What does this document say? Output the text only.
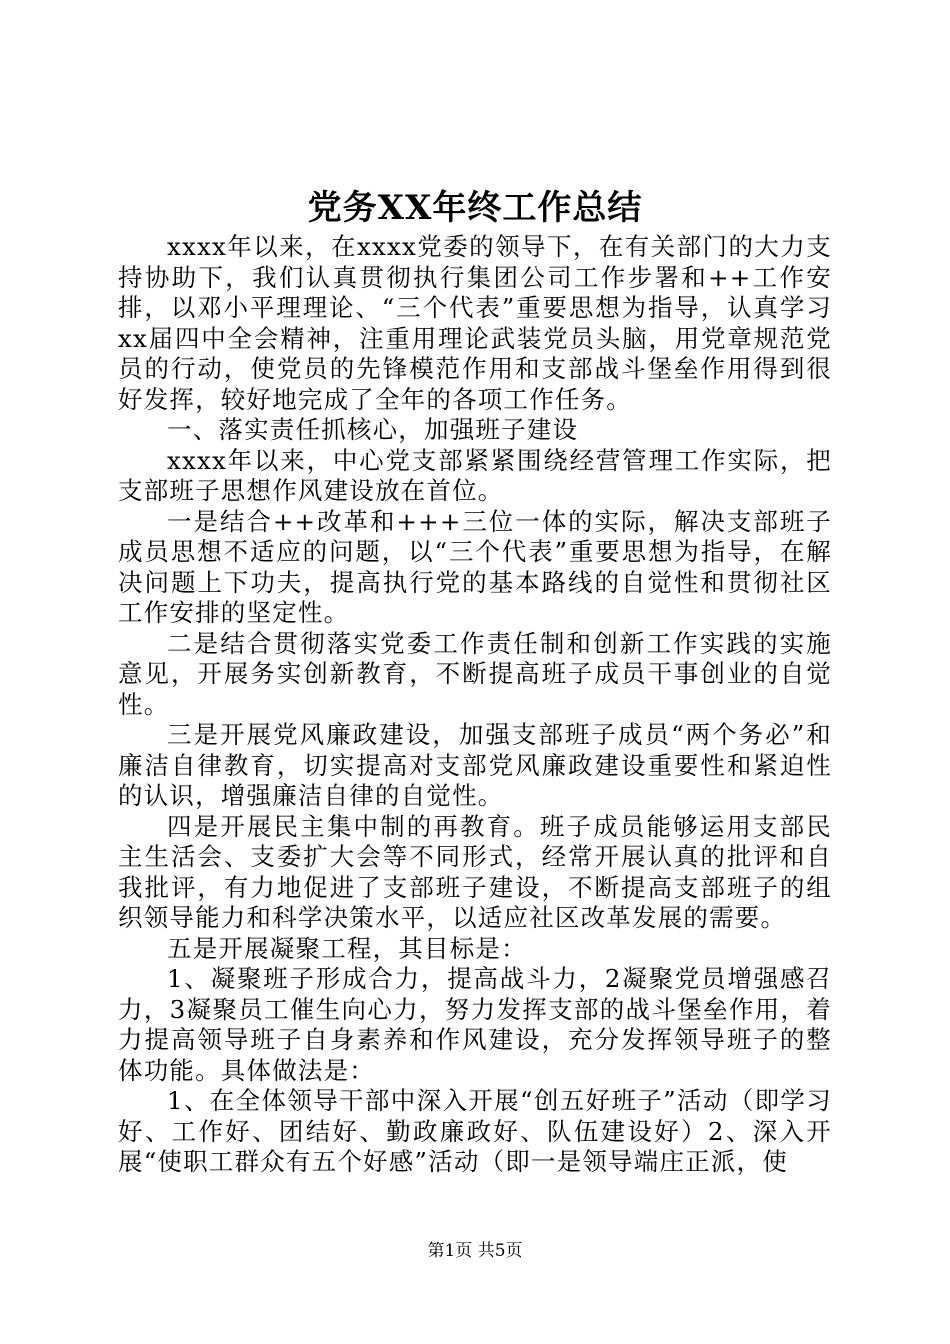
党务XX年终工作总结

xxxx年以来，在xxxx党委的领导下，在有关部门的大力支持协助下，我们认真贯彻执行集团公司工作步署和++工作安排，以邓小平理理论、“三个代表”重要思想为指导，认真学习xx届四中全会精神，注重用理论武装党员头脑，用党章规范党员的行动，使党员的先锋模范作用和支部战斗堡垒作用得到很好发挥，较好地完成了全年的各项工作任务。

一、落实责任抓核心，加强班子建设

xxxx年以来，中心党支部紧紧围绕经营管理工作实际，把支部班子思想作风建设放在首位。

一是结合++改革和+++三位一体的实际，解决支部班子成员思想不适应的问题，以“三个代表”重要思想为指导，在解决问题上下功夫，提高执行党的基本路线的自觉性和贯彻社区工作安排的坚定性。

二是结合贯彻落实党委工作责任制和创新工作实践的实施意见，开展务实创新教育，不断提高班子成员干事创业的自觉性。

三是开展党风廉政建设，加强支部班子成员“两个务必”和廉洁自律教育，切实提高对支部党风廉政建设重要性和紧迫性的认识，增强廉洁自律的自觉性。

四是开展民主集中制的再教育。班子成员能够运用支部民主生活会、支委扩大会等不同形式，经常开展认真的批评和自我批评，有力地促进了支部班子建设，不断提高支部班子的组织领导能力和科学决策水平，以适应社区改革发展的需要。

五是开展凝聚工程，其目标是：

1、凝聚班子形成合力，提高战斗力，2凝聚党员增强感召力，3凝聚员工催生向心力，努力发挥支部的战斗堡垒作用，着力提高领导班子自身素养和作风建设，充分发挥领导班子的整体功能。具体做法是：

1、在全体领导干部中深入开展“创五好班子”活动（即学习好、工作好、团结好、勤政廉政好、队伍建设好）2、深入开展“使职工群众有五个好感”活动（即一是领导端庄正派，使

第1页 共5页
